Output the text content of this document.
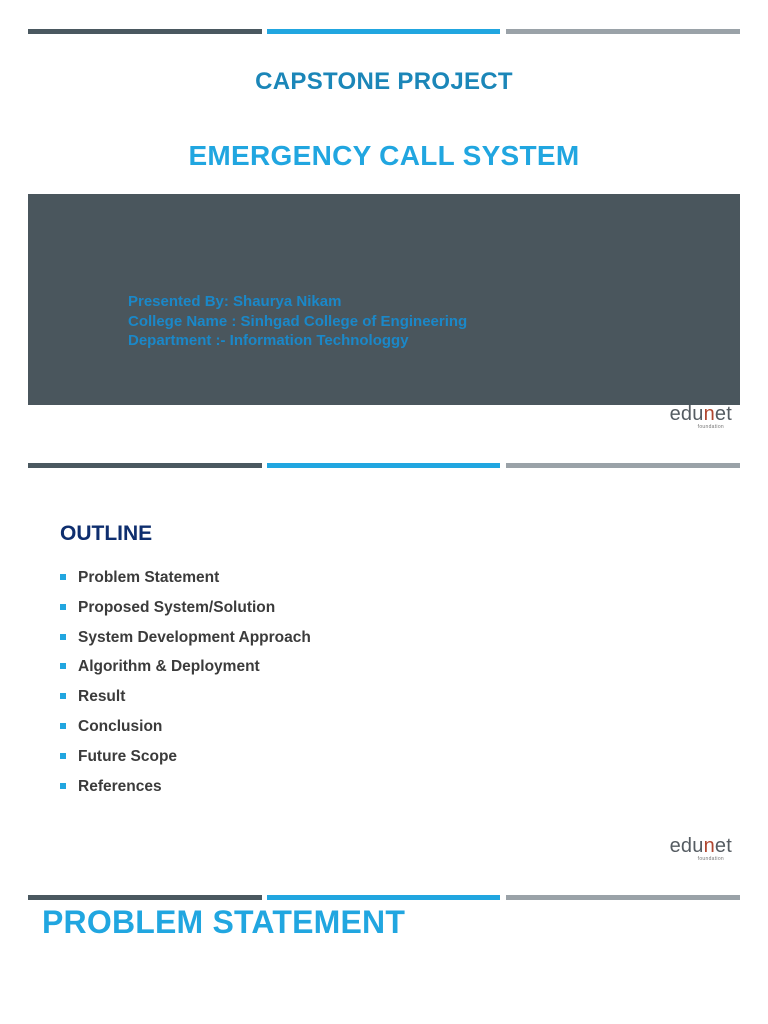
CAPSTONE PROJECT
EMERGENCY CALL SYSTEM
Presented By: Shaurya Nikam
College Name : Sinhgad College of Engineering
Department :- Information Technologgy
edunet
foundation
OUTLINE
Problem Statement
Proposed System/Solution
System Development Approach
Algorithm & Deployment
Result
Conclusion
Future Scope
References
edunet
foundation
PROBLEM STATEMENT
